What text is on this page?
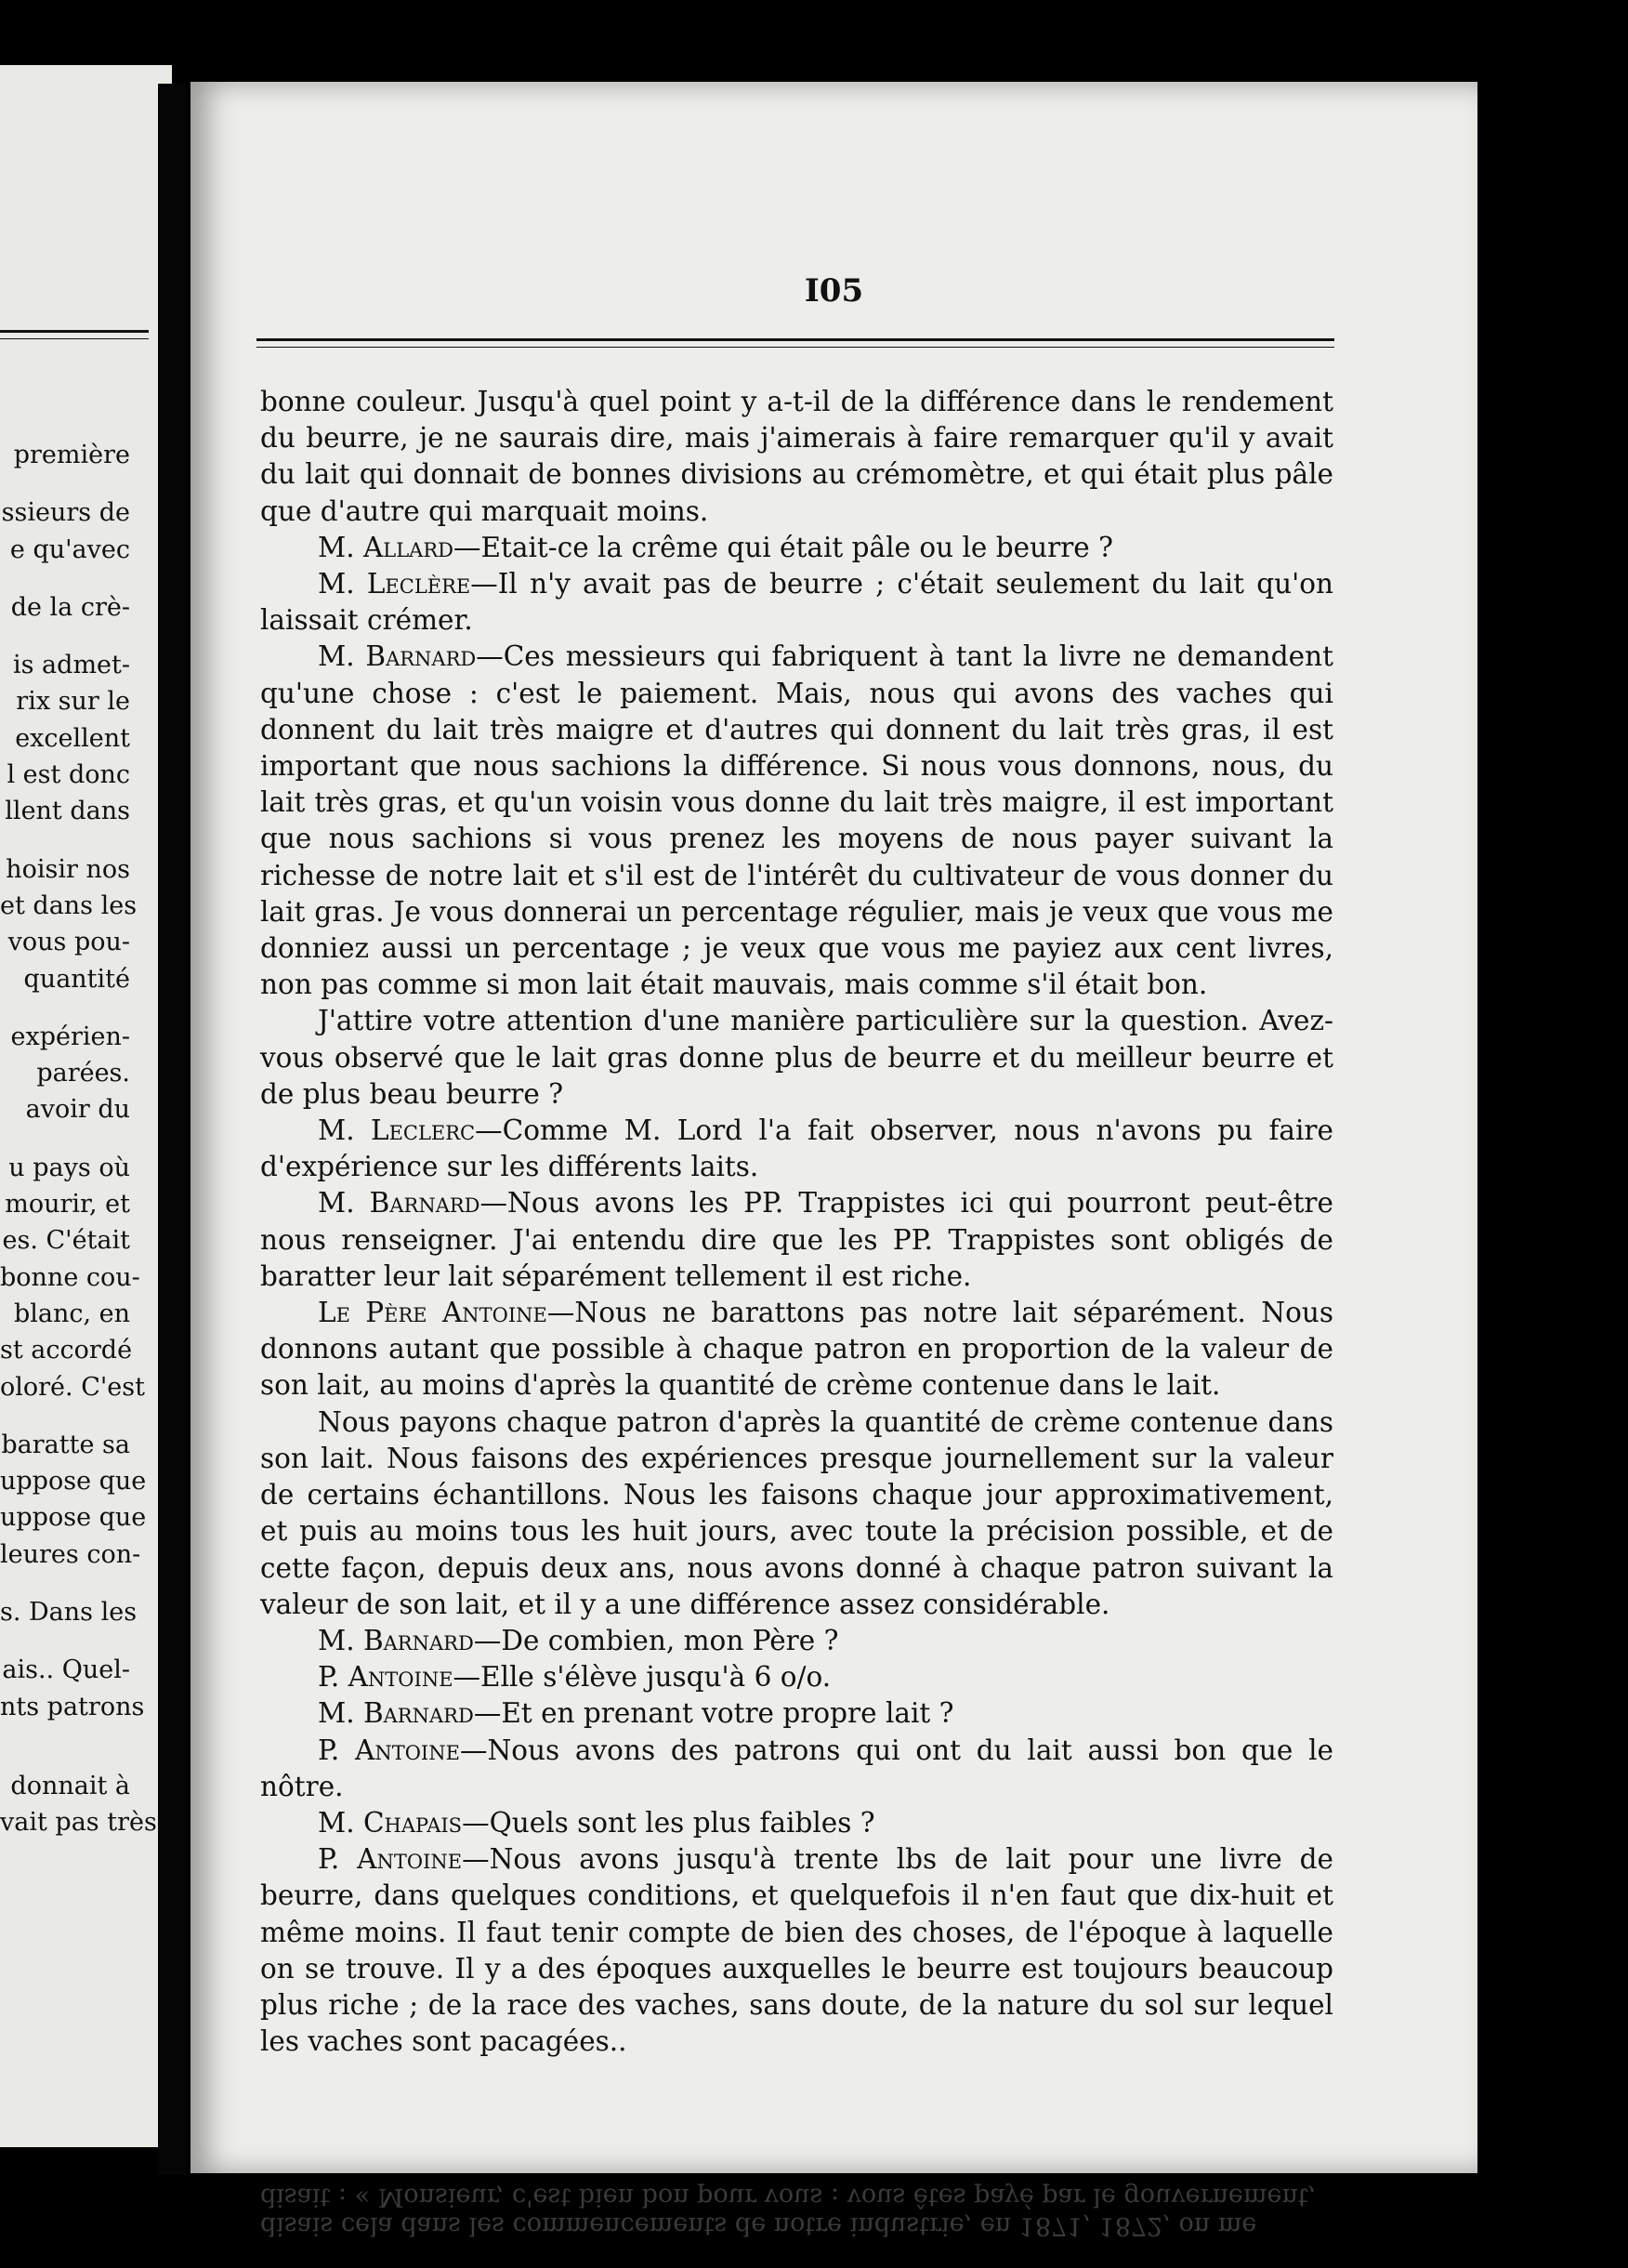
première
ssieurs de
e qu'avec
de la crè-
is admet-
rix sur le
excellent
l est donc
llent dans
hoisir nos
et dans les
vous pou-
quantité
expérien-
parées.
avoir du
u pays où
mourir, et
es. C'était
bonne cou-
blanc, en
st accordé
oloré. C'est
baratte sa
uppose que
uppose que
leures con-
s. Dans les
ais.. Quel-
nts patrons
donnait à
vait pas très
I05

bonne couleur. Jusqu'à quel point y a-t-il de la différence dans le rendement du beurre, je ne saurais dire, mais j'aimerais à faire remarquer qu'il y avait du lait qui donnait de bonnes divisions au crémomètre, et qui était plus pâle que d'autre qui marquait moins.

M. Allard—Etait-ce la crême qui était pâle ou le beurre ?

M. Leclère—Il n'y avait pas de beurre ; c'était seulement du lait qu'on laissait crémer.

M. Barnard—Ces messieurs qui fabriquent à tant la livre ne demandent qu'une chose : c'est le paiement. Mais, nous qui avons des vaches qui donnent du lait très maigre et d'autres qui donnent du lait très gras, il est important que nous sachions la différence. Si nous vous donnons, nous, du lait très gras, et qu'un voisin vous donne du lait très maigre, il est important que nous sachions si vous prenez les moyens de nous payer suivant la richesse de notre lait et s'il est de l'intérêt du cultivateur de vous donner du lait gras. Je vous donnerai un percentage régulier, mais je veux que vous me donniez aussi un percentage ; je veux que vous me payiez aux cent livres, non pas comme si mon lait était mauvais, mais comme s'il était bon.

J'attire votre attention d'une manière particulière sur la question. Avez-vous observé que le lait gras donne plus de beurre et du meilleur beurre et de plus beau beurre ?

M. Leclerc—Comme M. Lord l'a fait observer, nous n'avons pu faire d'expérience sur les différents laits.

M. Barnard—Nous avons les PP. Trappistes ici qui pourront peut-être nous renseigner. J'ai entendu dire que les PP. Trappistes sont obligés de baratter leur lait séparément tellement il est riche.

Le Père Antoine—Nous ne barattons pas notre lait séparément. Nous donnons autant que possible à chaque patron en proportion de la valeur de son lait, au moins d'après la quantité de crème contenue dans le lait.

Nous payons chaque patron d'après la quantité de crème contenue dans son lait. Nous faisons des expériences presque journellement sur la valeur de certains échantillons. Nous les faisons chaque jour approximativement, et puis au moins tous les huit jours, avec toute la précision possible, et de cette façon, depuis deux ans, nous avons donné à chaque patron suivant la valeur de son lait, et il y a une différence assez considérable.

M. Barnard—De combien, mon Père ?

P. Antoine—Elle s'élève jusqu'à 6 o/o.

M. Barnard—Et en prenant votre propre lait ?

P. Antoine—Nous avons des patrons qui ont du lait aussi bon que le nôtre.

M. Chapais—Quels sont les plus faibles ?

P. Antoine—Nous avons jusqu'à trente lbs de lait pour une livre de beurre, dans quelques conditions, et quelquefois il n'en faut que dix-huit et même moins. Il faut tenir compte de bien des choses, de l'époque à laquelle on se trouve. Il y a des époques auxquelles le beurre est toujours beaucoup plus riche ; de la race des vaches, sans doute, de la nature du sol sur lequel les vaches sont pacagées..

disais cela dans les commencements de notre industrie, en 1871, 1872, on me
disait : « Monsieur, c'est bien bon pour vous : vous êtes payé par le gouvernement,
